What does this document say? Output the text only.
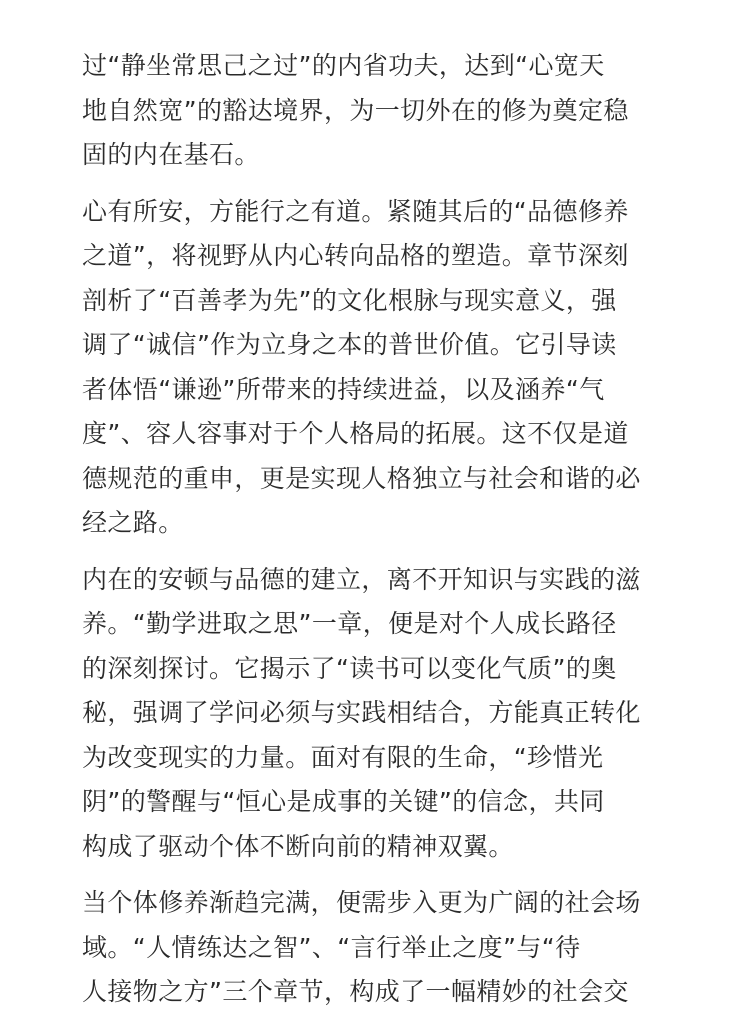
过“静坐常思己之过”的内省功夫，达到“心宽天
地自然宽”的豁达境界，为一切外在的修为奠定稳
固的内在基石。

心有所安，方能行之有道。紧随其后的“品德修养
之道”，将视野从内心转向品格的塑造。章节深刻
剖析了“百善孝为先”的文化根脉与现实意义，强
调了“诚信”作为立身之本的普世价值。它引导读
者体悟“谦逊”所带来的持续进益，以及涵养“气
度”、容人容事对于个人格局的拓展。这不仅是道
德规范的重申，更是实现人格独立与社会和谐的必
经之路。

内在的安顿与品德的建立，离不开知识与实践的滋
养。“勤学进取之思”一章，便是对个人成长路径
的深刻探讨。它揭示了“读书可以变化气质”的奥
秘，强调了学问必须与实践相结合，方能真正转化
为改变现实的力量。面对有限的生命，“珍惜光
阴”的警醒与“恒心是成事的关键”的信念，共同
构成了驱动个体不断向前的精神双翼。

当个体修养渐趋完满，便需步入更为广阔的社会场
域。“人情练达之智”、“言行举止之度”与“待
人接物之方”三个章节，构成了一幅精妙的社会交
